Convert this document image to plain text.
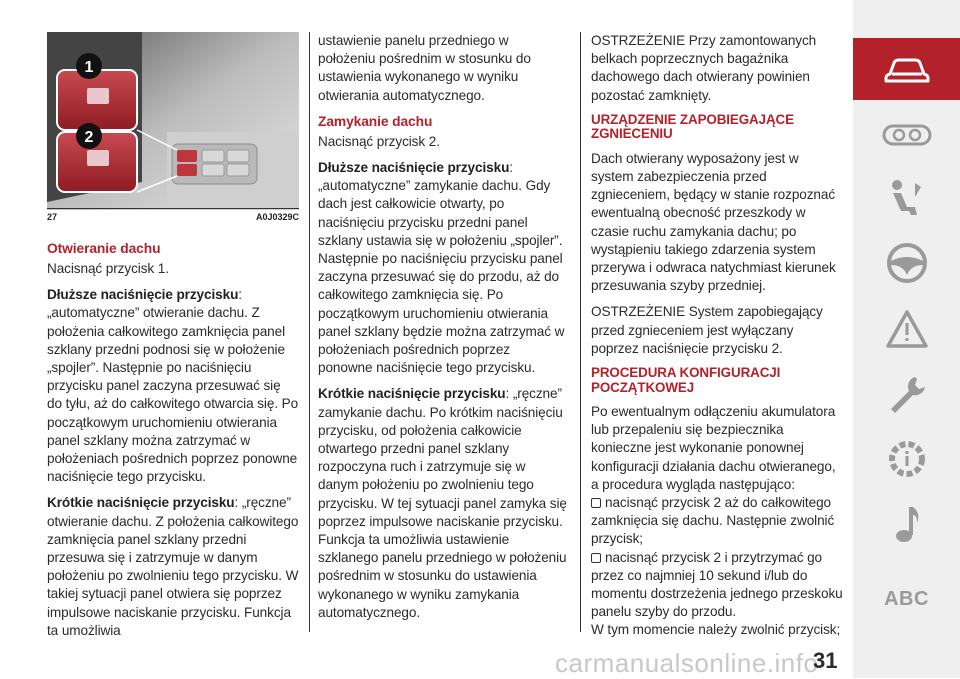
1
2
27	A0J0329C
Otwieranie dachu

Nacisnąć przycisk 1.

Dłuższe naciśnięcie przycisku: „automatyczne” otwieranie dachu. Z położenia całkowitego zamknięcia panel szklany przedni podnosi się w położenie „spojler”. Następnie po naciśnięciu przycisku panel zaczyna przesuwać się do tyłu, aż do całkowitego otwarcia się. Po początkowym uruchomieniu otwierania panel szklany można zatrzymać w położeniach pośrednich poprzez ponowne naciśnięcie tego przycisku.

Krótkie naciśnięcie przycisku: „ręczne” otwieranie dachu. Z położenia całkowitego zamknięcia panel szklany przedni przesuwa się i zatrzymuje w danym położeniu po zwolnieniu tego przycisku. W takiej sytuacji panel otwiera się poprzez impulsowe naciskanie przycisku. Funkcja ta umożliwia

ustawienie panelu przedniego w położeniu pośrednim w stosunku do ustawienia wykonanego w wyniku otwierania automatycznego.

Zamykanie dachu

Nacisnąć przycisk 2.

Dłuższe naciśnięcie przycisku: „automatyczne” zamykanie dachu. Gdy dach jest całkowicie otwarty, po naciśnięciu przycisku przedni panel szklany ustawia się w położeniu „spojler”. Następnie po naciśnięciu przycisku panel zaczyna przesuwać się do przodu, aż do całkowitego zamknięcia się. Po początkowym uruchomieniu otwierania panel szklany będzie można zatrzymać w położeniach pośrednich poprzez ponowne naciśnięcie tego przycisku.

Krótkie naciśnięcie przycisku: „ręczne” zamykanie dachu. Po krótkim naciśnięciu przycisku, od położenia całkowicie otwartego przedni panel szklany rozpoczyna ruch i zatrzymuje się w danym położeniu po zwolnieniu tego przycisku. W tej sytuacji panel zamyka się poprzez impulsowe naciskanie przycisku. Funkcja ta umożliwia ustawienie szklanego panelu przedniego w położeniu pośrednim w stosunku do ustawienia wykonanego w wyniku zamykania automatycznego.

OSTRZEŻENIE Przy zamontowanych belkach poprzecznych bagażnika dachowego dach otwierany powinien pozostać zamknięty.

URZĄDZENIE ZAPOBIEGAJĄCE ZGNIECENIU

Dach otwierany wyposażony jest w system zabezpieczenia przed zgnieceniem, będący w stanie rozpoznać ewentualną obecność przeszkody w czasie ruchu zamykania dachu; po wystąpieniu takiego zdarzenia system przerywa i odwraca natychmiast kierunek przesuwania szyby przedniej.

OSTRZEŻENIE System zapobiegający przed zgnieceniem jest wyłączany poprzez naciśnięcie przycisku 2.

PROCEDURA KONFIGURACJI POCZĄTKOWEJ

Po ewentualnym odłączeniu akumulatora lub przepaleniu się bezpiecznika konieczne jest wykonanie ponownej konfiguracji działania dachu otwieranego, a procedura wygląda następująco:

nacisnąć przycisk 2 aż do całkowitego zamknięcia się dachu. Następnie zwolnić przycisk;
nacisnąć przycisk 2 i przytrzymać go przez co najmniej 10 sekund i/lub do momentu dostrzeżenia jednego przeskoku panelu szyby do przodu.
W tym momencie należy zwolnić przycisk;
ABC
carmanualsonline.info
31
